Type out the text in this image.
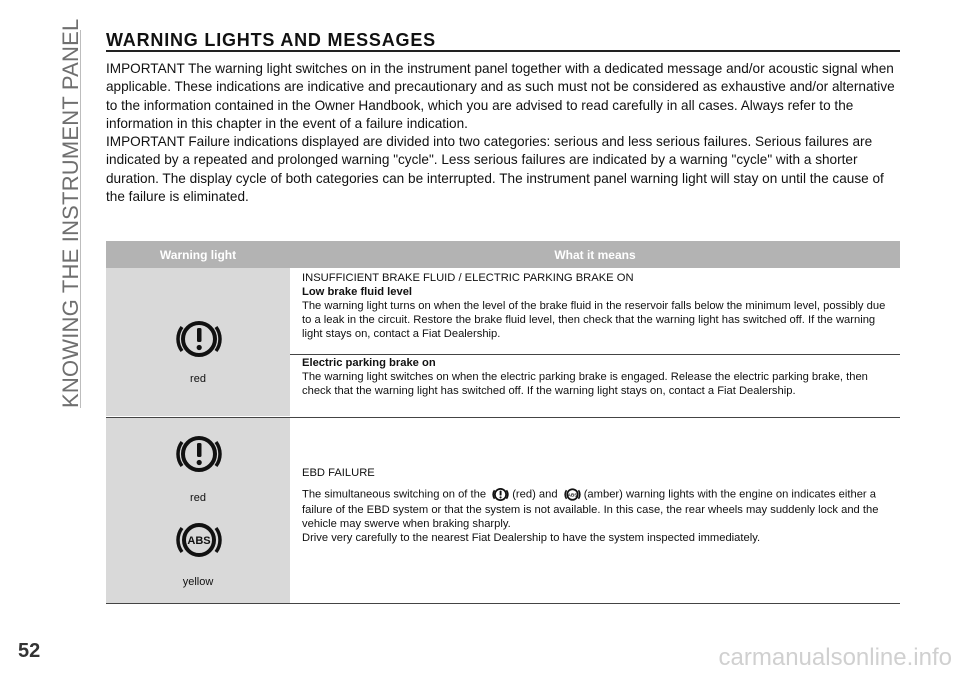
KNOWING THE INSTRUMENT PANEL WARNING LIGHTS AND MESSAGES

IMPORTANT The warning light switches on in the instrument panel together with a dedicated message and/or acoustic signal when applicable. These indications are indicative and precautionary and as such must not be considered as exhaustive and/or alternative to the information contained in the Owner Handbook, which you are advised to read carefully in all cases. Always refer to the information in this chapter in the event of a failure indication.

IMPORTANT Failure indications displayed are divided into two categories: serious and less serious failures. Serious failures are indicated by a repeated and prolonged warning "cycle". Less serious failures are indicated by a warning "cycle" with a shorter duration. The display cycle of both categories can be interrupted. The instrument panel warning light will stay on until the cause of the failure is eliminated.

Warning light	What it means
red

INSUFFICIENT BRAKE FLUID / ELECTRIC PARKING BRAKE ON

Low brake fluid level

The warning light turns on when the level of the brake fluid in the reservoir falls below the minimum level, possibly due to a leak in the circuit. Restore the brake fluid level, then check that the warning light has switched off. If the warning light stays on, contact a Fiat Dealership.

Electric parking brake on

The warning light switches on when the electric parking brake is engaged. Release the electric parking brake, then check that the warning light has switched off. If the warning light stays on, contact a Fiat Dealership.

red
ABS
yellow

EBD FAILURE

The simultaneous switching on of the (red) and ABS (amber) warning lights with the engine on indicates either a failure of the EBD system or that the system is not available. In this case, the rear wheels may suddenly lock and the vehicle may swerve when braking sharply.

Drive very carefully to the nearest Fiat Dealership to have the system inspected immediately.

52	carmanualsonline.info
